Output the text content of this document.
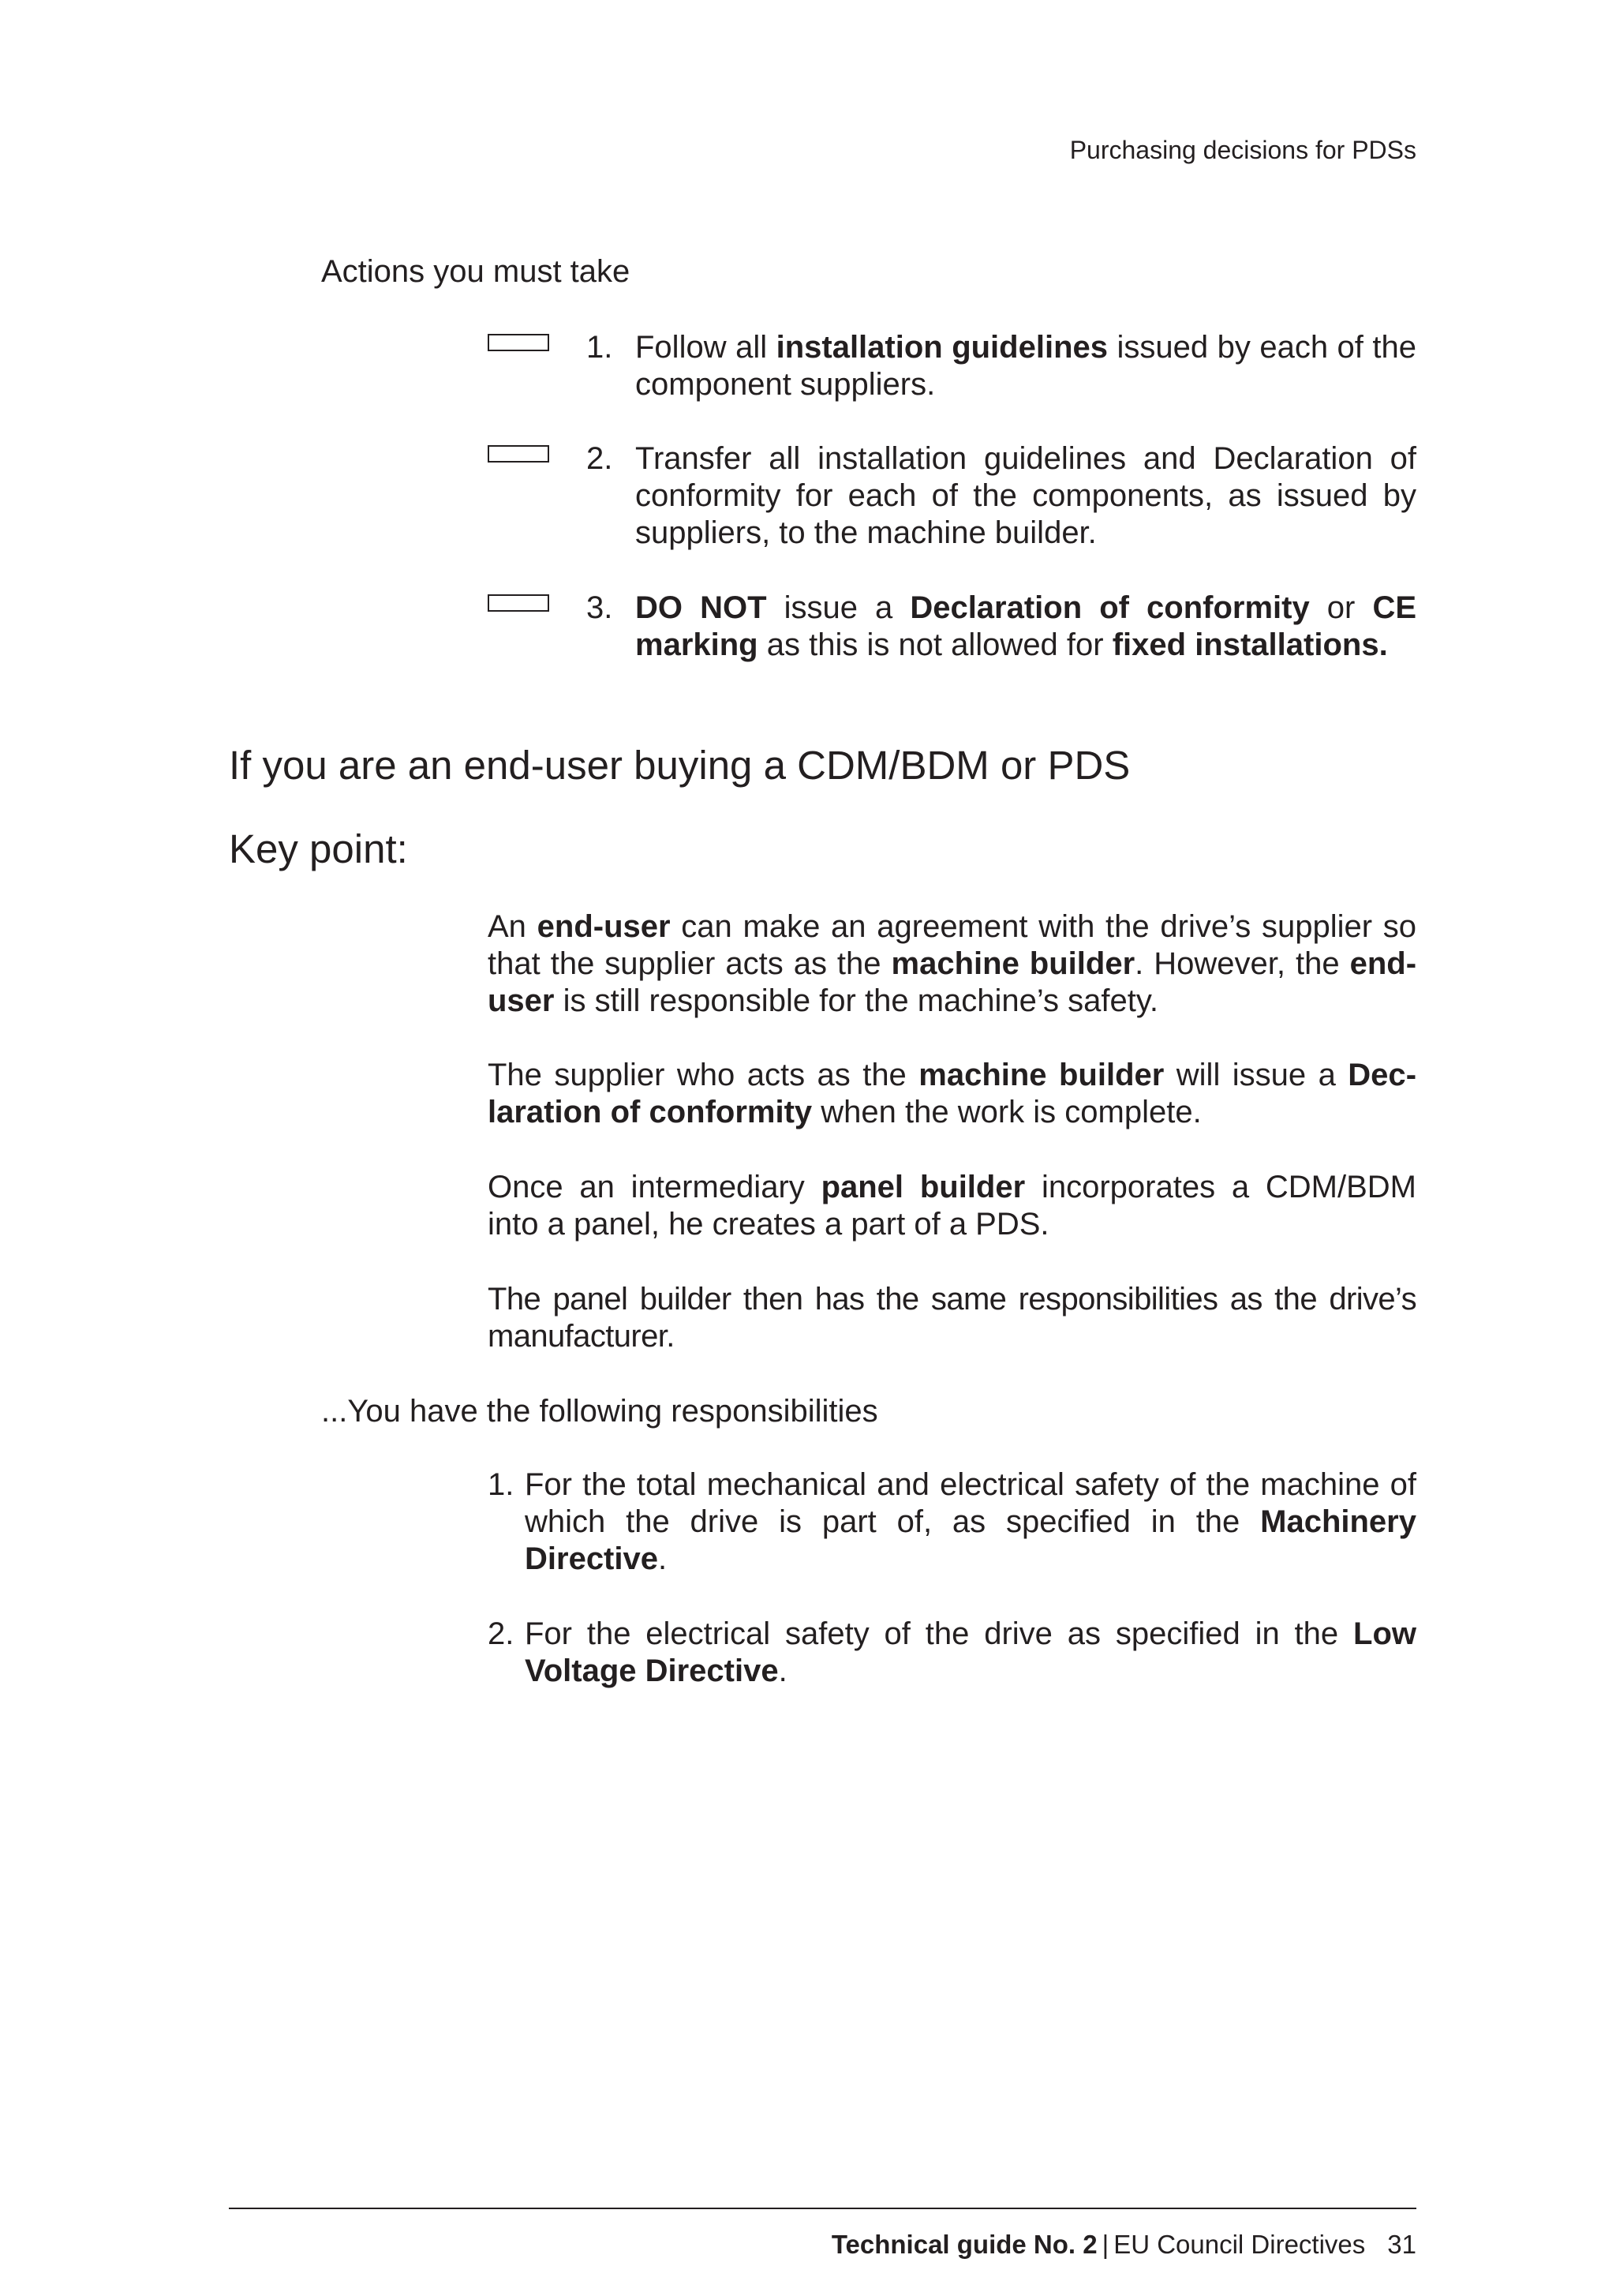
Purchasing decisions for PDSs
Actions you must take
1. Follow all installation guidelines issued by each of the component suppliers.
2. Transfer all installation guidelines and Declaration of conformity for each of the components, as issued by suppliers, to the machine builder.
3. DO NOT issue a Declaration of conformity or CE marking as this is not allowed for fixed installations.
If you are an end-user buying a CDM/BDM or PDS
Key point:
An end-user can make an agreement with the drive’s supplier so that the supplier acts as the machine builder. However, the end-user is still responsible for the machine’s safety.
The supplier who acts as the machine builder will issue a Declaration of conformity when the work is complete.
Once an intermediary panel builder incorporates a CDM/BDM into a panel, he creates a part of a PDS.
The panel builder then has the same responsibilities as the drive’s manufacturer.
...You have the following responsibilities
1. For the total mechanical and electrical safety of the machine of which the drive is part of, as specified in the Machinery Directive.
2. For the electrical safety of the drive as specified in the Low Voltage Directive.
Technical guide No. 2 | EU Council Directives 31
